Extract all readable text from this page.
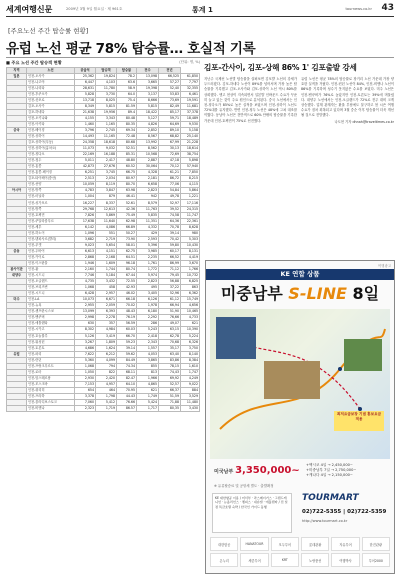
세계여행신문	2009년 3월 9일 월요일 · 제 961호	통계 1	tournews.co.kr 43
[주요노선 주간 탑승률 현황]
유럽 노선 평균 78% 탑승률… 호실적 기록
■ 주요 노선 주간 탑승객 현황	(단위: 명, %)
지역	노선	공급석	탑승객	탑승률	전주	전년	
일본	인천-오사카	25,362	19,824	78.2	13,098	66,525	61,850
	인천-나고야	6,447	4,103	63.6	3,665	57,27	7,797
	인천-나리타	28,631	11,780	58.9	19,398	52,40	32,355
	인천-후쿠오카	5,828	3,730	64.0	3,137	53,83	6,461
	인천-삿포로	13,718	8,025	75.4	8,666	73,69	19,591
	김포-오사카	8,349	5,815	81.59	5,815	82,49	11,681
	김포-하네다	21,638	19,956	89.4	18,422	85,17	37,378
	인천-오키나와	4,155	3,343	80.48	5,127	59,71	18,489
	인천-아키타	1,460	1,165	80.35	4,826	64,69	9,530
중국	인천-베이징	3,796	2,745	69.34	2,852	89,10	5,158
	인천-상하이	14,493	11,165	72.48	8,567	68,82	25,140
	김포-상하이(푸동)	24,358	18,618	80.68	13,992	67,99	21,228
	인천-상하이(훙차오)	11,073	9,032	52.51	8,562	30,13	18,614
	인천-칭다오	22,169	16,188	85.31	10,568	72,69	38,754
	인천-청두	5,011	2,417	48.80	2,887	47,18	5,898
	인천-홍콩	42,873	27,676	60.52	30,064	70,12	57,940
	인천-홍콩-베이징	6,251	3,745	66.75	4,328	61,21	7,850
	김포-타이베이(쑹산)	2,513	2,034	80.97	2,181	86,72	8,215
	인천-선양	10,059	8,119	80.70	6,658	77,06	4,115
아시아	인천-방콕	4,783	3,847	63.98	2,823	54,84	5,864
	인천-마닐라	1,004	879	46.41	942	49,78	1,221
	인천-싱가포르	16,227	8,337	52.61	8,579	52,97	17,116
	인천-방콕	29,768	12,613	42.36	11,763	39,52	24,315
	인천-호찌민	7,826	5,869	75.49	5,835	74,58	11,747
	인천-쿠알라룸푸르	17,638	11,640	62.98	11,351	64,36	22,361
	인천-세부	6,142	4,086	66.89	4,332	70,78	8,628
	인천-하노이	1,096	551	50.27	429	39,14	980
	인천-덴파사르(발리)	3,682	2,719	73.90	2,593	70,42	5,303
	인천-푸켓	9,023	5,654	58.01	5,396	59,80	10,430
중동	인천-두바이	6,613	4,151	62.75	3,985	60,17	8,131
	인천-카이로	2,868	2,168	64.51	2,235	66,52	4,419
	인천-이스탄불	1,946	1,609	96.18	1,761	86,99	3,670
괌사이판	인천-괌	2,160	1,744	80.74	1,772	71,12	1,766
대양주	인천-시드니	7,746	5,184	67.44	5,974	79,45	10,732
	인천-오클랜드	4,735	3,432	72.55	2,823	56,88	6,825
	인천-브리즈번	1,068	458	42.93	495	37,22	863
	인천-시드니	6,428	2,957	46.02	3,405	52,96	6,362
미주	인천-LA	10,073	6,671	66.18	6,126	61,12	15,749
	인천-뉴욕	2,955	2,059	70.02	1,978	66,94	4,656
	인천-샌프란시스코	13,099	6,393	48.43	6,180	51,90	10,465
	인천-밴쿠버	2,998	2,278	76.19	2,292	76,66	4,733
	인천-애틀랜타	630	357	56.59	286	49,07	621
	인천-시카고	8,302	4,984	60.03	5,243	63,15	10,390
	인천-호놀룰루	5,126	3,419	66.70	2,418	62,78	5,224
	인천-워싱턴	3,267	1,809	59.23	2,343	70,68	6,326
	인천-토론토	4,686	1,624	39.14	1,557	35,17	3,750
유럽	인천-파리	7,622	6,212	59.62	4,053	63,40	8,140
	인천-런던	5,360	4,099	84.49	3,865	83,86	8,384
	인천-프랑크푸르트	1,068	794	74.34	855	78,15	1,610
	인천-로마	1,050	822	68.11	813	74,43	1,747
	인천-암스테르담	2,930	2,420	82.47	1,966	69,92	4,249
	인천-모스크바	7,153	4,957	64.10	4,865	52,57	9,022
	인천-취리히	654	464	70.95	621	66,37	884
	인천-프라하	3,378	1,798	44.43	1,749	51,59	3,529
	인천-블라디보스토크	7,060	5,412	76.66	5,424	71,88	11,480
	인천-비엔나	2,323	1,719	86.57	1,717	80,35	3,430
김포-간사이, 김포-상해 86% 1' 김포출발 강세
지난주 국제선 노선별 탑승률을 살펴보면 김포발 노선의 강세가 두드러졌다. 김포-하네다 노선이 89%를 넘어서며 가장 높은 탑승률을 기록했고 김포-오사카와 김포-상하이 노선 역시 80%를 상회했다. 엔고 현상이 지속되면서 일본발 인바운드 수요가 꾸준히 늘고 있는 것이 주요 원인으로 분석된다. 중국 노선에서는 인천-칭다오가 85%로 높은 실적을 보였으며 인천-상하이 노선도 72%대를 유지했다. 반면 인천-청두 노선은 48%에 그쳐 대조를 이뤘다. 동남아 노선은 전반적으로 60% 안팎의 탑승률을 기록한 가운데 인천-호찌민이 75%로 선전했다.
유럽 노선은 평균 78%의 탑승률로 장거리 노선 가운데 가장 양호한 실적을 거뒀다. 인천-런던 노선이 84%, 인천-비엔나 노선이 86%를 기록하며 성수기 못지않은 수요를 보였다. 미주 노선은 인천-밴쿠버가 76%로 높았지만 인천-토론토는 39%에 머물렀다. 대양주 노선에서는 인천-오클랜드가 72%로 전주 대비 크게 상승했다. 업계 관계자는 환율 부담에도 불구하고 봄 시즌 여행 수요가 점차 회복되고 있다며 3월 중순 이후 탑승률이 더욱 개선될 것으로 전망했다.
나도현 기자 dhnah@traveltimes.co.kr
여행광고
KE 연합 상품
미중남부 S-LINE 8일
최저요금보장 기념 홍보요금 적용
미국남부 3,350,000~ +멕시코 4일 → 2,450,000~
+미중남부 7일 → 2,750,000~
+캐나다 4일 → 2,150,000~
※ 유류할증료 및 공항세 별도 · 출발확정
KE 대한항공 이용 / 미서부 · 라스베이거스 · 그랜드캐니언 · 뉴올리언스 · 멤피스 · 내슈빌 · 애틀랜타 / 전 일정 특급호텔 숙박 / 한국인 가이드 동행
TOURMART
02)722-5355 | 02)722-5359
http://www.tourmart.co.kr
대한항공	HANATOUR	모두투어	롯데관광	자유투어	한진관광
온누리	세중투어	KRT	노랑풍선	여행박사	투어2000
